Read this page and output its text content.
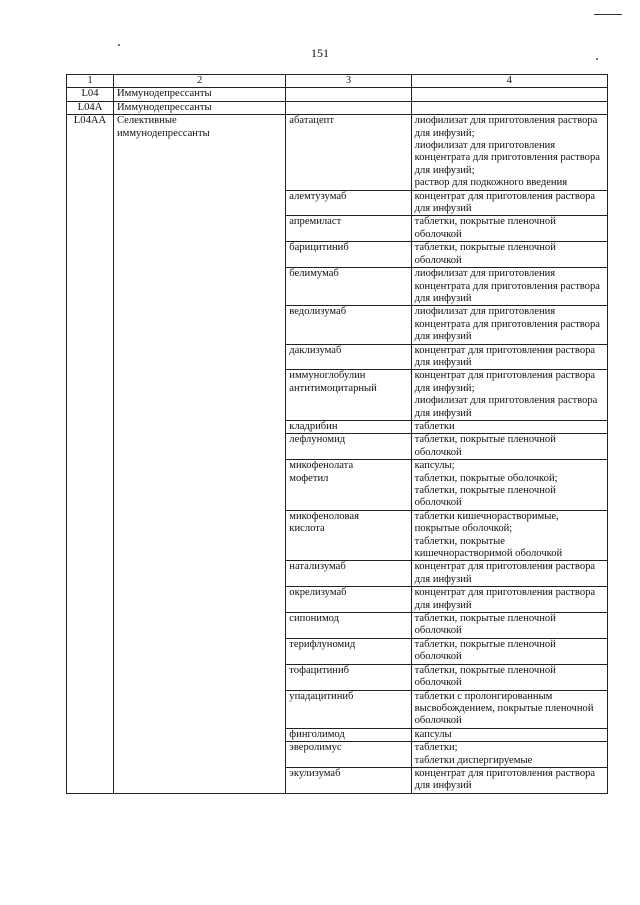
151
1	2	3	4
L04	Иммунодепрессанты		
L04A	Иммунодепрессанты		
L04AA	Селективные
иммунодепрессанты	абатацепт	лиофилизат для приготовления раствора для инфузий;
лиофилизат для приготовления концентрата для приготовления раствора для инфузий;
раствор для подкожного введения
		алемтузумаб	концентрат для приготовления раствора для инфузий
		апремиласт	таблетки, покрытые пленочной оболочкой
		барицитиниб	таблетки, покрытые пленочной оболочкой
		белимумаб	лиофилизат для приготовления концентрата для приготовления раствора для инфузий
		ведолизумаб	лиофилизат для приготовления концентрата для приготовления раствора для инфузий
		даклизумаб	концентрат для приготовления раствора для инфузий
		иммуноглобулин
антитимоцитарный	концентрат для приготовления раствора для инфузий;
лиофилизат для приготовления раствора для инфузий
		кладрибин	таблетки
		лефлуномид	таблетки, покрытые пленочной оболочкой
		микофенолата
мофетил	капсулы;
таблетки, покрытые оболочкой;
таблетки, покрытые пленочной оболочкой
		микофеноловая
кислота	таблетки кишечнорастворимые, покрытые оболочкой;
таблетки, покрытые кишечнорастворимой оболочкой
		натализумаб	концентрат для приготовления раствора для инфузий
		окрелизумаб	концентрат для приготовления раствора для инфузий
		сипонимод	таблетки, покрытые пленочной оболочкой
		терифлуномид	таблетки, покрытые пленочной оболочкой
		тофацитиниб	таблетки, покрытые пленочной оболочкой
		упадацитиниб	таблетки с пролонгированным высвобождением, покрытые пленочной оболочкой
		финголимод	капсулы
		эверолимус	таблетки;
таблетки диспергируемые
		экулизумаб	концентрат для приготовления раствора для инфузий
